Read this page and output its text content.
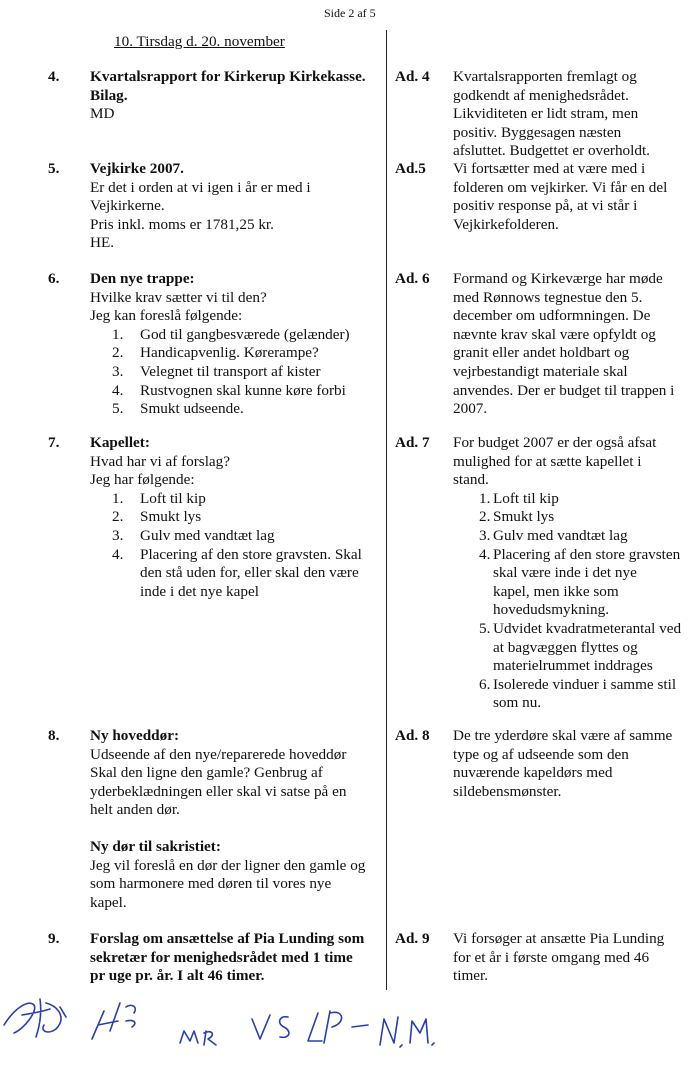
Side 2 af 5
10. Tirsdag d. 20. november
4.	Kvartalsrapport for Kirkerup Kirkekasse.
Bilag.
MD
Ad. 4 Kvartalsrapporten fremlagt og
godkendt af menighedsrådet.
Likviditeten er lidt stram, men
positiv. Byggesagen næsten
afsluttet. Budgettet er overholdt.
5.	Vejkirke 2007.
Er det i orden at vi igen i år er med i
Vejkirkerne.
Pris inkl. moms er 1781,25 kr.
HE.
Ad.5 Vi fortsætter med at være med i
folderen om vejkirker. Vi får en del
positiv response på, at vi står i
Vejkirkefolderen.
6.	Den nye trappe:
Hvilke krav sætter vi til den?
Jeg kan foreslå følgende:
1. God til gangbesværede (gelænder)
2. Handicapvenlig. Kørerampe?
3. Velegnet til transport af kister
4. Rustvognen skal kunne køre forbi
5. Smukt udseende.
Ad. 6 Formand og Kirkeværge har møde
med Rønnows tegnestue den 5.
december om udformningen. De
nævnte krav skal være opfyldt og
granit eller andet holdbart og
vejrbestandigt materiale skal
anvendes. Der er budget til trappen i
2007.
7.	Kapellet:
Hvad har vi af forslag?
Jeg har følgende:
1. Loft til kip
2. Smukt lys
3. Gulv med vandtæt lag
4. Placering af den store gravsten. Skal
den stå uden for, eller skal den være
inde i det nye kapel
Ad. 7 For budget 2007 er der også afsat
mulighed for at sætte kapellet i
stand.
1. Loft til kip
2. Smukt lys
3. Gulv med vandtæt lag
4. Placering af den store gravsten
skal være inde i det nye
kapel, men ikke som
hovedudsmykning.
5. Udvidet kvadratmeterantal ved
at bagvæggen flyttes og
materielrummet inddrages
6. Isolerede vinduer i samme stil
som nu.
8.	Ny hoveddør:
Udseende af den nye/reparerede hoveddør
Skal den ligne den gamle? Genbrug af
yderbeklædningen eller skal vi satse på en
helt anden dør.
Ny dør til sakristiet:
Jeg vil foreslå en dør der ligner den gamle og
som harmonere med døren til vores nye
kapel.
Ad. 8 De tre yderdøre skal være af samme
type og af udseende som den
nuværende kapeldørs med
sildebensmønster.
9.	Forslag om ansættelse af Pia Lunding som
sekretær for menighedsrådet med 1 time
pr uge pr. år. I alt 46 timer.
Ad. 9 Vi forsøger at ansætte Pia Lunding
for et år i første omgang med 46
timer.
